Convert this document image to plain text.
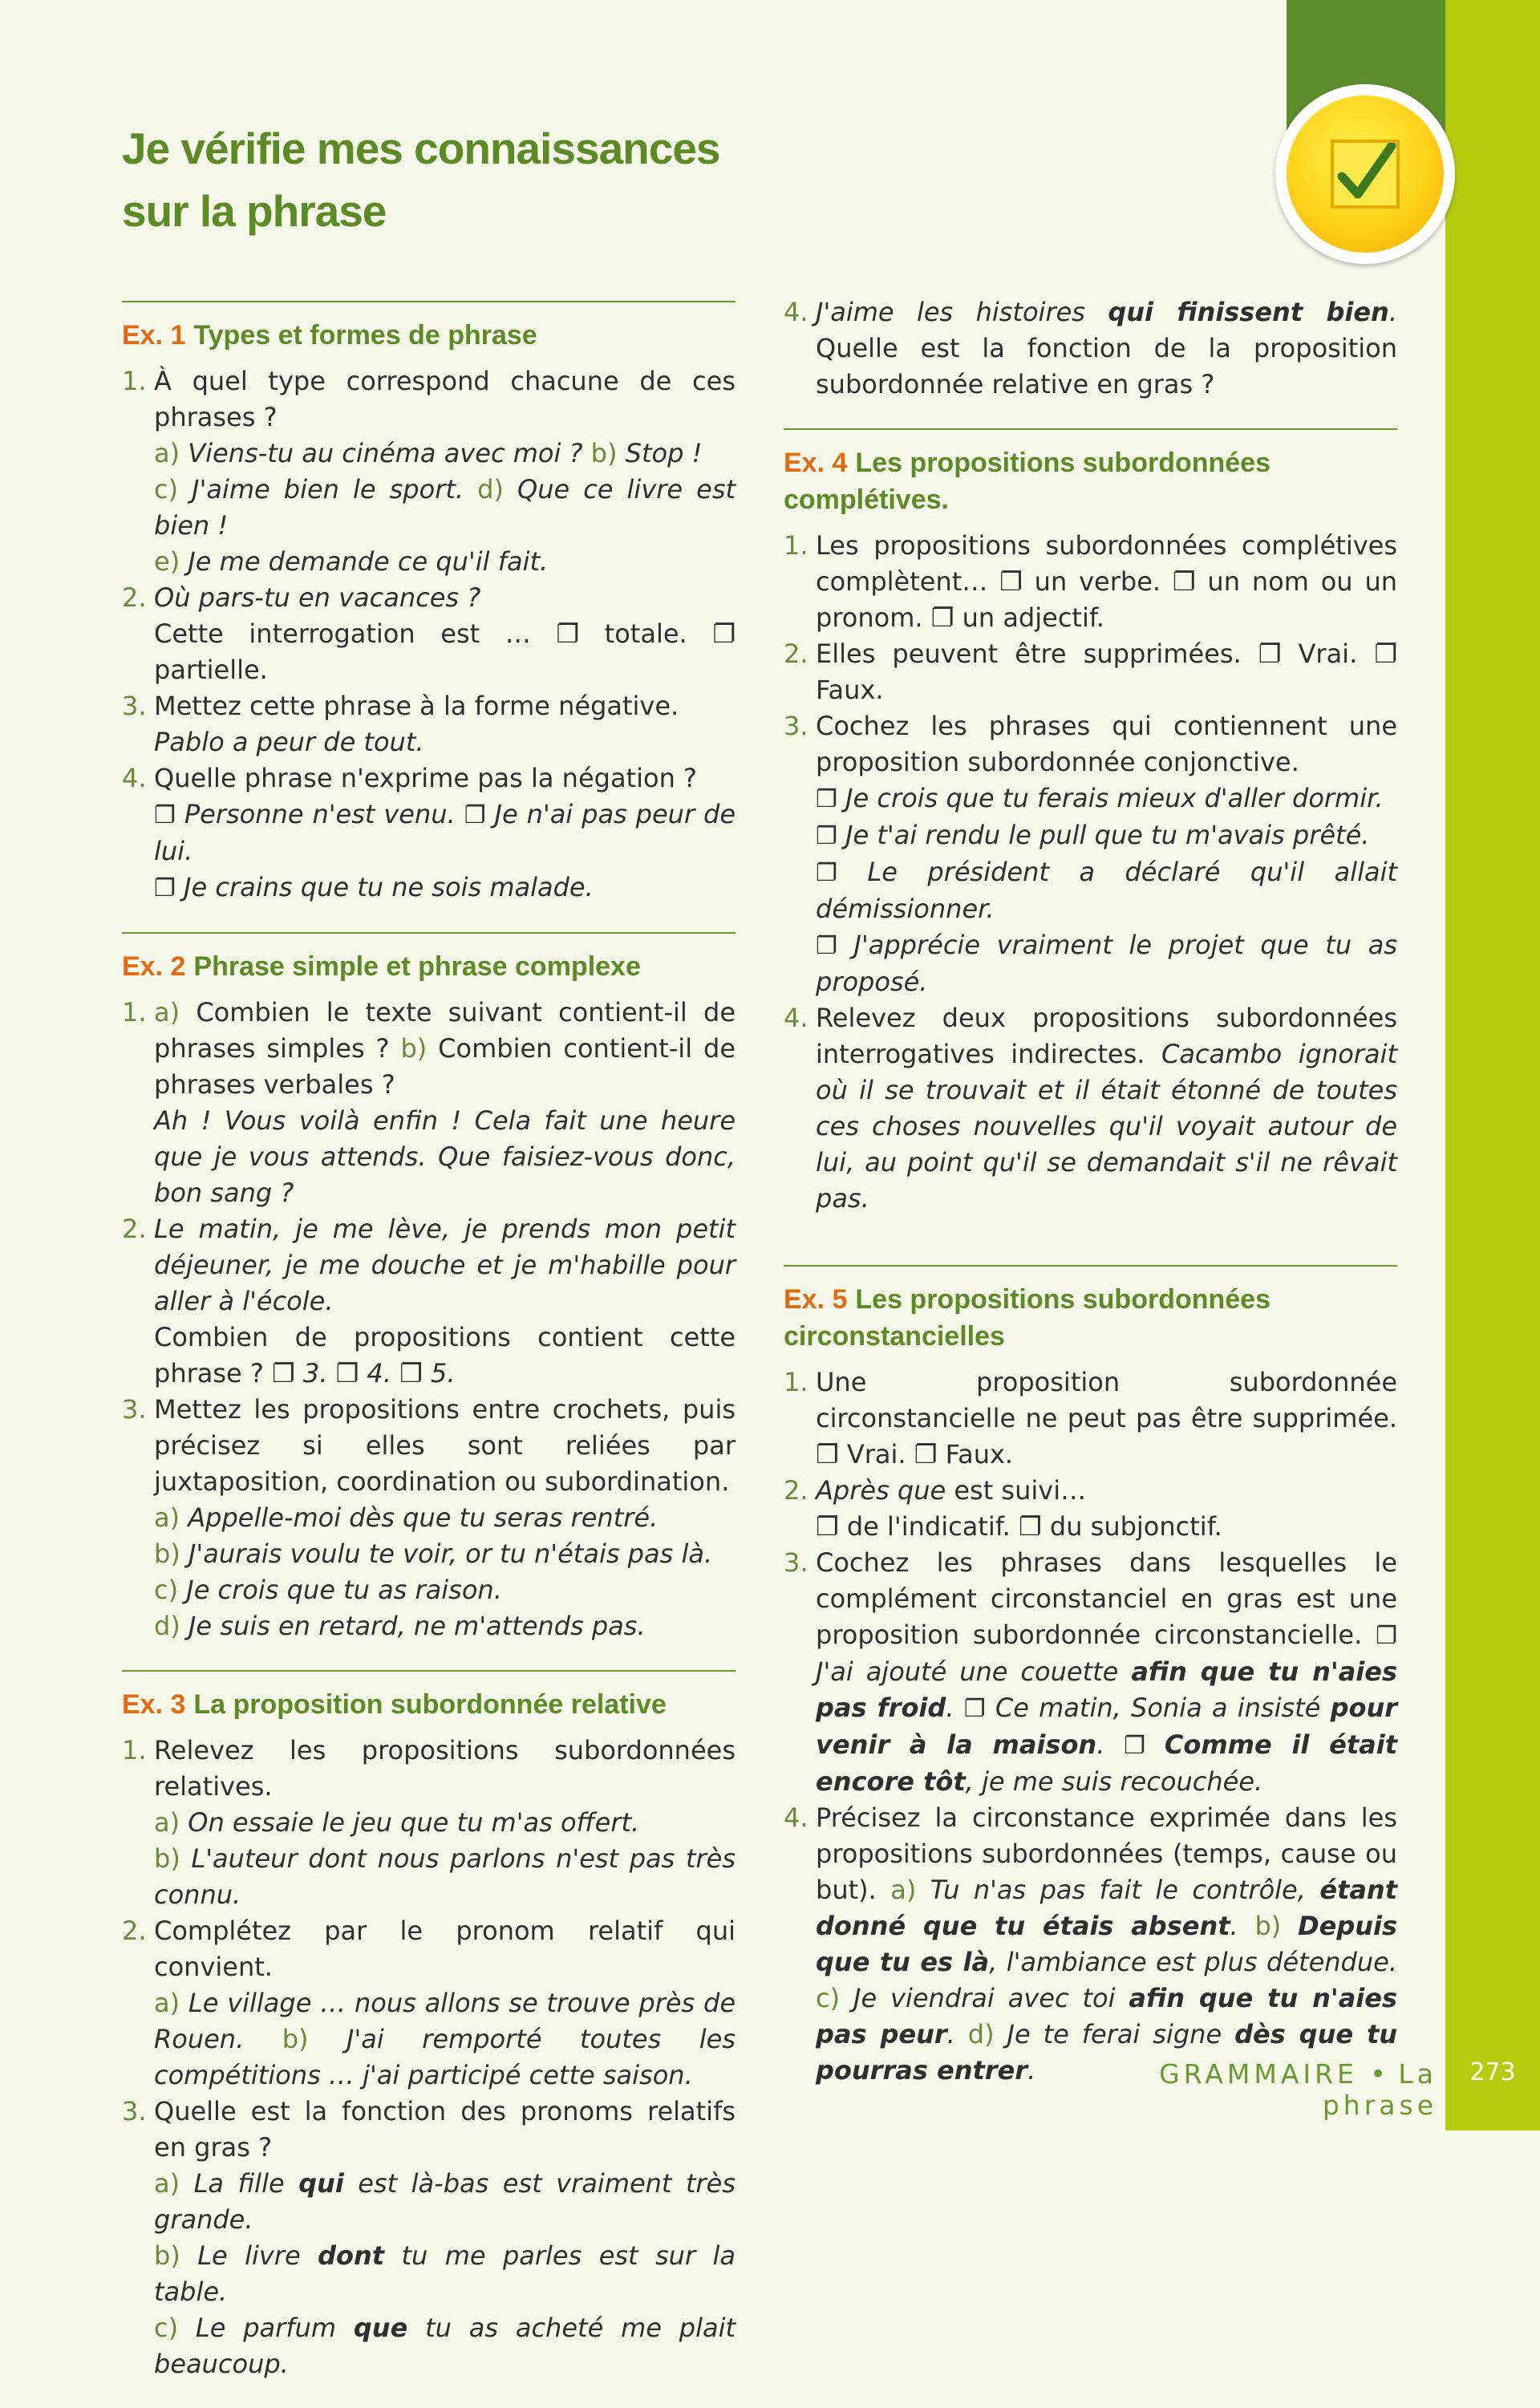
Je vérifie mes connaissances
sur la phrase
Ex. 1 Types et formes de phrase
1. À quel type correspond chacune de ces phrases ?
a) Viens-tu au cinéma avec moi ? b) Stop !
c) J'aime bien le sport. d) Que ce livre est bien !
e) Je me demande ce qu'il fait.
2. Où pars-tu en vacances ?
Cette interrogation est … ❐ totale. ❐ partielle.
3. Mettez cette phrase à la forme négative.
Pablo a peur de tout.
4. Quelle phrase n'exprime pas la négation ?
❐ Personne n'est venu. ❐ Je n'ai pas peur de lui.
❐ Je crains que tu ne sois malade.
Ex. 2 Phrase simple et phrase complexe
1. a) Combien le texte suivant contient-il de phrases simples ? b) Combien contient-il de phrases verbales ?
Ah ! Vous voilà enfin ! Cela fait une heure que je vous attends. Que faisiez-vous donc, bon sang ?
2. Le matin, je me lève, je prends mon petit déjeuner, je me douche et je m'habille pour aller à l'école.
Combien de propositions contient cette phrase ? ❐ 3. ❐ 4. ❐ 5.
3. Mettez les propositions entre crochets, puis précisez si elles sont reliées par juxtaposition, coordination ou subordination.
a) Appelle-moi dès que tu seras rentré.
b) J'aurais voulu te voir, or tu n'étais pas là.
c) Je crois que tu as raison.
d) Je suis en retard, ne m'attends pas.
Ex. 3 La proposition subordonnée relative
1. Relevez les propositions subordonnées relatives.
a) On essaie le jeu que tu m'as offert.
b) L'auteur dont nous parlons n'est pas très connu.
2. Complétez par le pronom relatif qui convient.
a) Le village … nous allons se trouve près de Rouen. b) J'ai remporté toutes les compétitions … j'ai participé cette saison.
3. Quelle est la fonction des pronoms relatifs en gras ?
a) La fille qui est là-bas est vraiment très grande.
b) Le livre dont tu me parles est sur la table.
c) Le parfum que tu as acheté me plait beaucoup.
4. J'aime les histoires qui finissent bien. Quelle est la fonction de la proposition subordonnée relative en gras ?
Ex. 4 Les propositions subordonnées complétives.
1. Les propositions subordonnées complétives complètent… ❐ un verbe. ❐ un nom ou un pronom. ❐ un adjectif.
2. Elles peuvent être supprimées. ❐ Vrai. ❐ Faux.
3. Cochez les phrases qui contiennent une proposition subordonnée conjonctive.
❐ Je crois que tu ferais mieux d'aller dormir.
❐ Je t'ai rendu le pull que tu m'avais prêté.
❐ Le président a déclaré qu'il allait démissionner.
❐ J'apprécie vraiment le projet que tu as proposé.
4. Relevez deux propositions subordonnées interrogatives indirectes. Cacambo ignorait où il se trouvait et il était étonné de toutes ces choses nouvelles qu'il voyait autour de lui, au point qu'il se demandait s'il ne rêvait pas.
Ex. 5 Les propositions subordonnées circonstancielles
1. Une proposition subordonnée circonstancielle ne peut pas être supprimée. ❐ Vrai. ❐ Faux.
2. Après que est suivi…
❐ de l'indicatif. ❐ du subjonctif.
3. Cochez les phrases dans lesquelles le complément circonstanciel en gras est une proposition subordonnée circonstancielle. ❐ J'ai ajouté une couette afin que tu n'aies pas froid. ❐ Ce matin, Sonia a insisté pour venir à la maison. ❐ Comme il était encore tôt, je me suis recouchée.
4. Précisez la circonstance exprimée dans les propositions subordonnées (temps, cause ou but). a) Tu n'as pas fait le contrôle, étant donné que tu étais absent. b) Depuis que tu es là, l'ambiance est plus détendue. c) Je viendrai avec toi afin que tu n'aies pas peur. d) Je te ferai signe dès que tu pourras entrer.	GRAMMAIRE • La phrase
273
